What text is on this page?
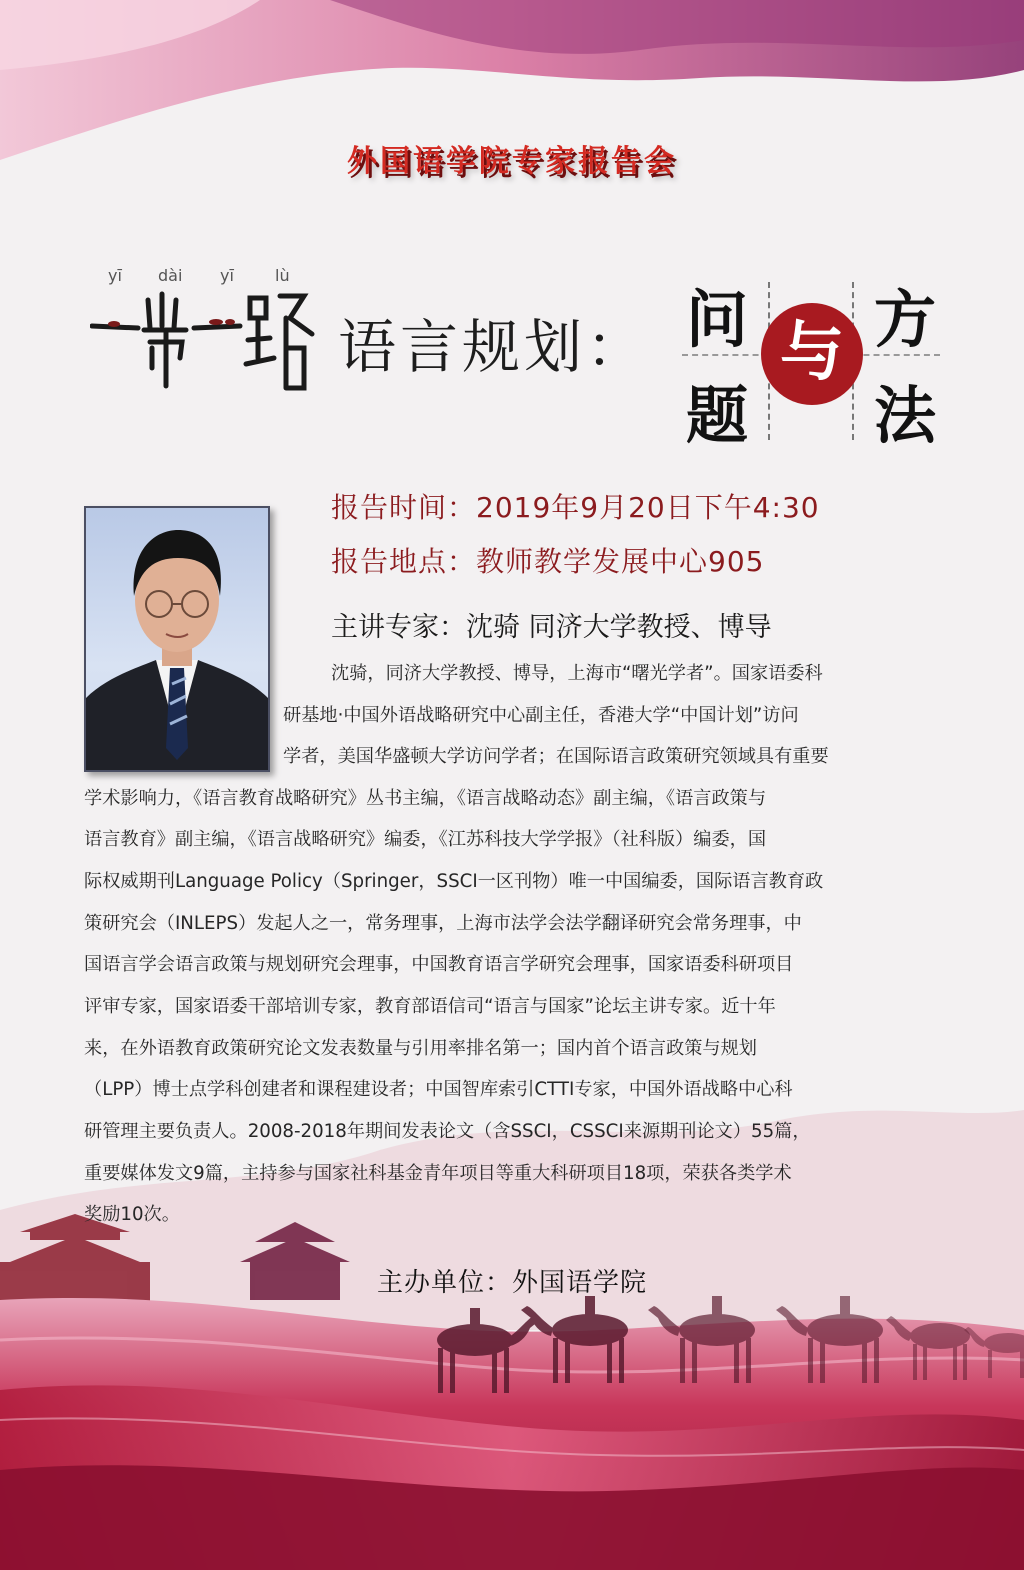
外国语学院专家报告会
yī dài yī	lù
语言规划： 问
题
方
法
与
报告时间：2019年9月20日下午4:30
报告地点：教师教学发展中心905
主讲专家：沈骑 同济大学教授、博导
沈骑，同济大学教授、博导，上海市“曙光学者”。国家语委科
研基地·中国外语战略研究中心副主任，香港大学“中国计划”访问
学者，美国华盛顿大学访问学者；在国际语言政策研究领域具有重要
学术影响力，《语言教育战略研究》丛书主编，《语言战略动态》副主编，《语言政策与
语言教育》副主编，《语言战略研究》编委，《江苏科技大学学报》（社科版）编委，国
际权威期刊Language Policy（Springer，SSCI一区刊物）唯一中国编委，国际语言教育政
策研究会（INLEPS）发起人之一，常务理事，上海市法学会法学翻译研究会常务理事，中
国语言学会语言政策与规划研究会理事，中国教育语言学研究会理事，国家语委科研项目
评审专家，国家语委干部培训专家，教育部语信司“语言与国家”论坛主讲专家。近十年
来，在外语教育政策研究论文发表数量与引用率排名第一；国内首个语言政策与规划
（LPP）博士点学科创建者和课程建设者；中国智库索引CTTI专家，中国外语战略中心科
研管理主要负责人。2008-2018年期间发表论文（含SSCI，CSSCI来源期刊论文）55篇，
重要媒体发文9篇，主持参与国家社科基金青年项目等重大科研项目18项，荣获各类学术
奖励10次。
主办单位：外国语学院
